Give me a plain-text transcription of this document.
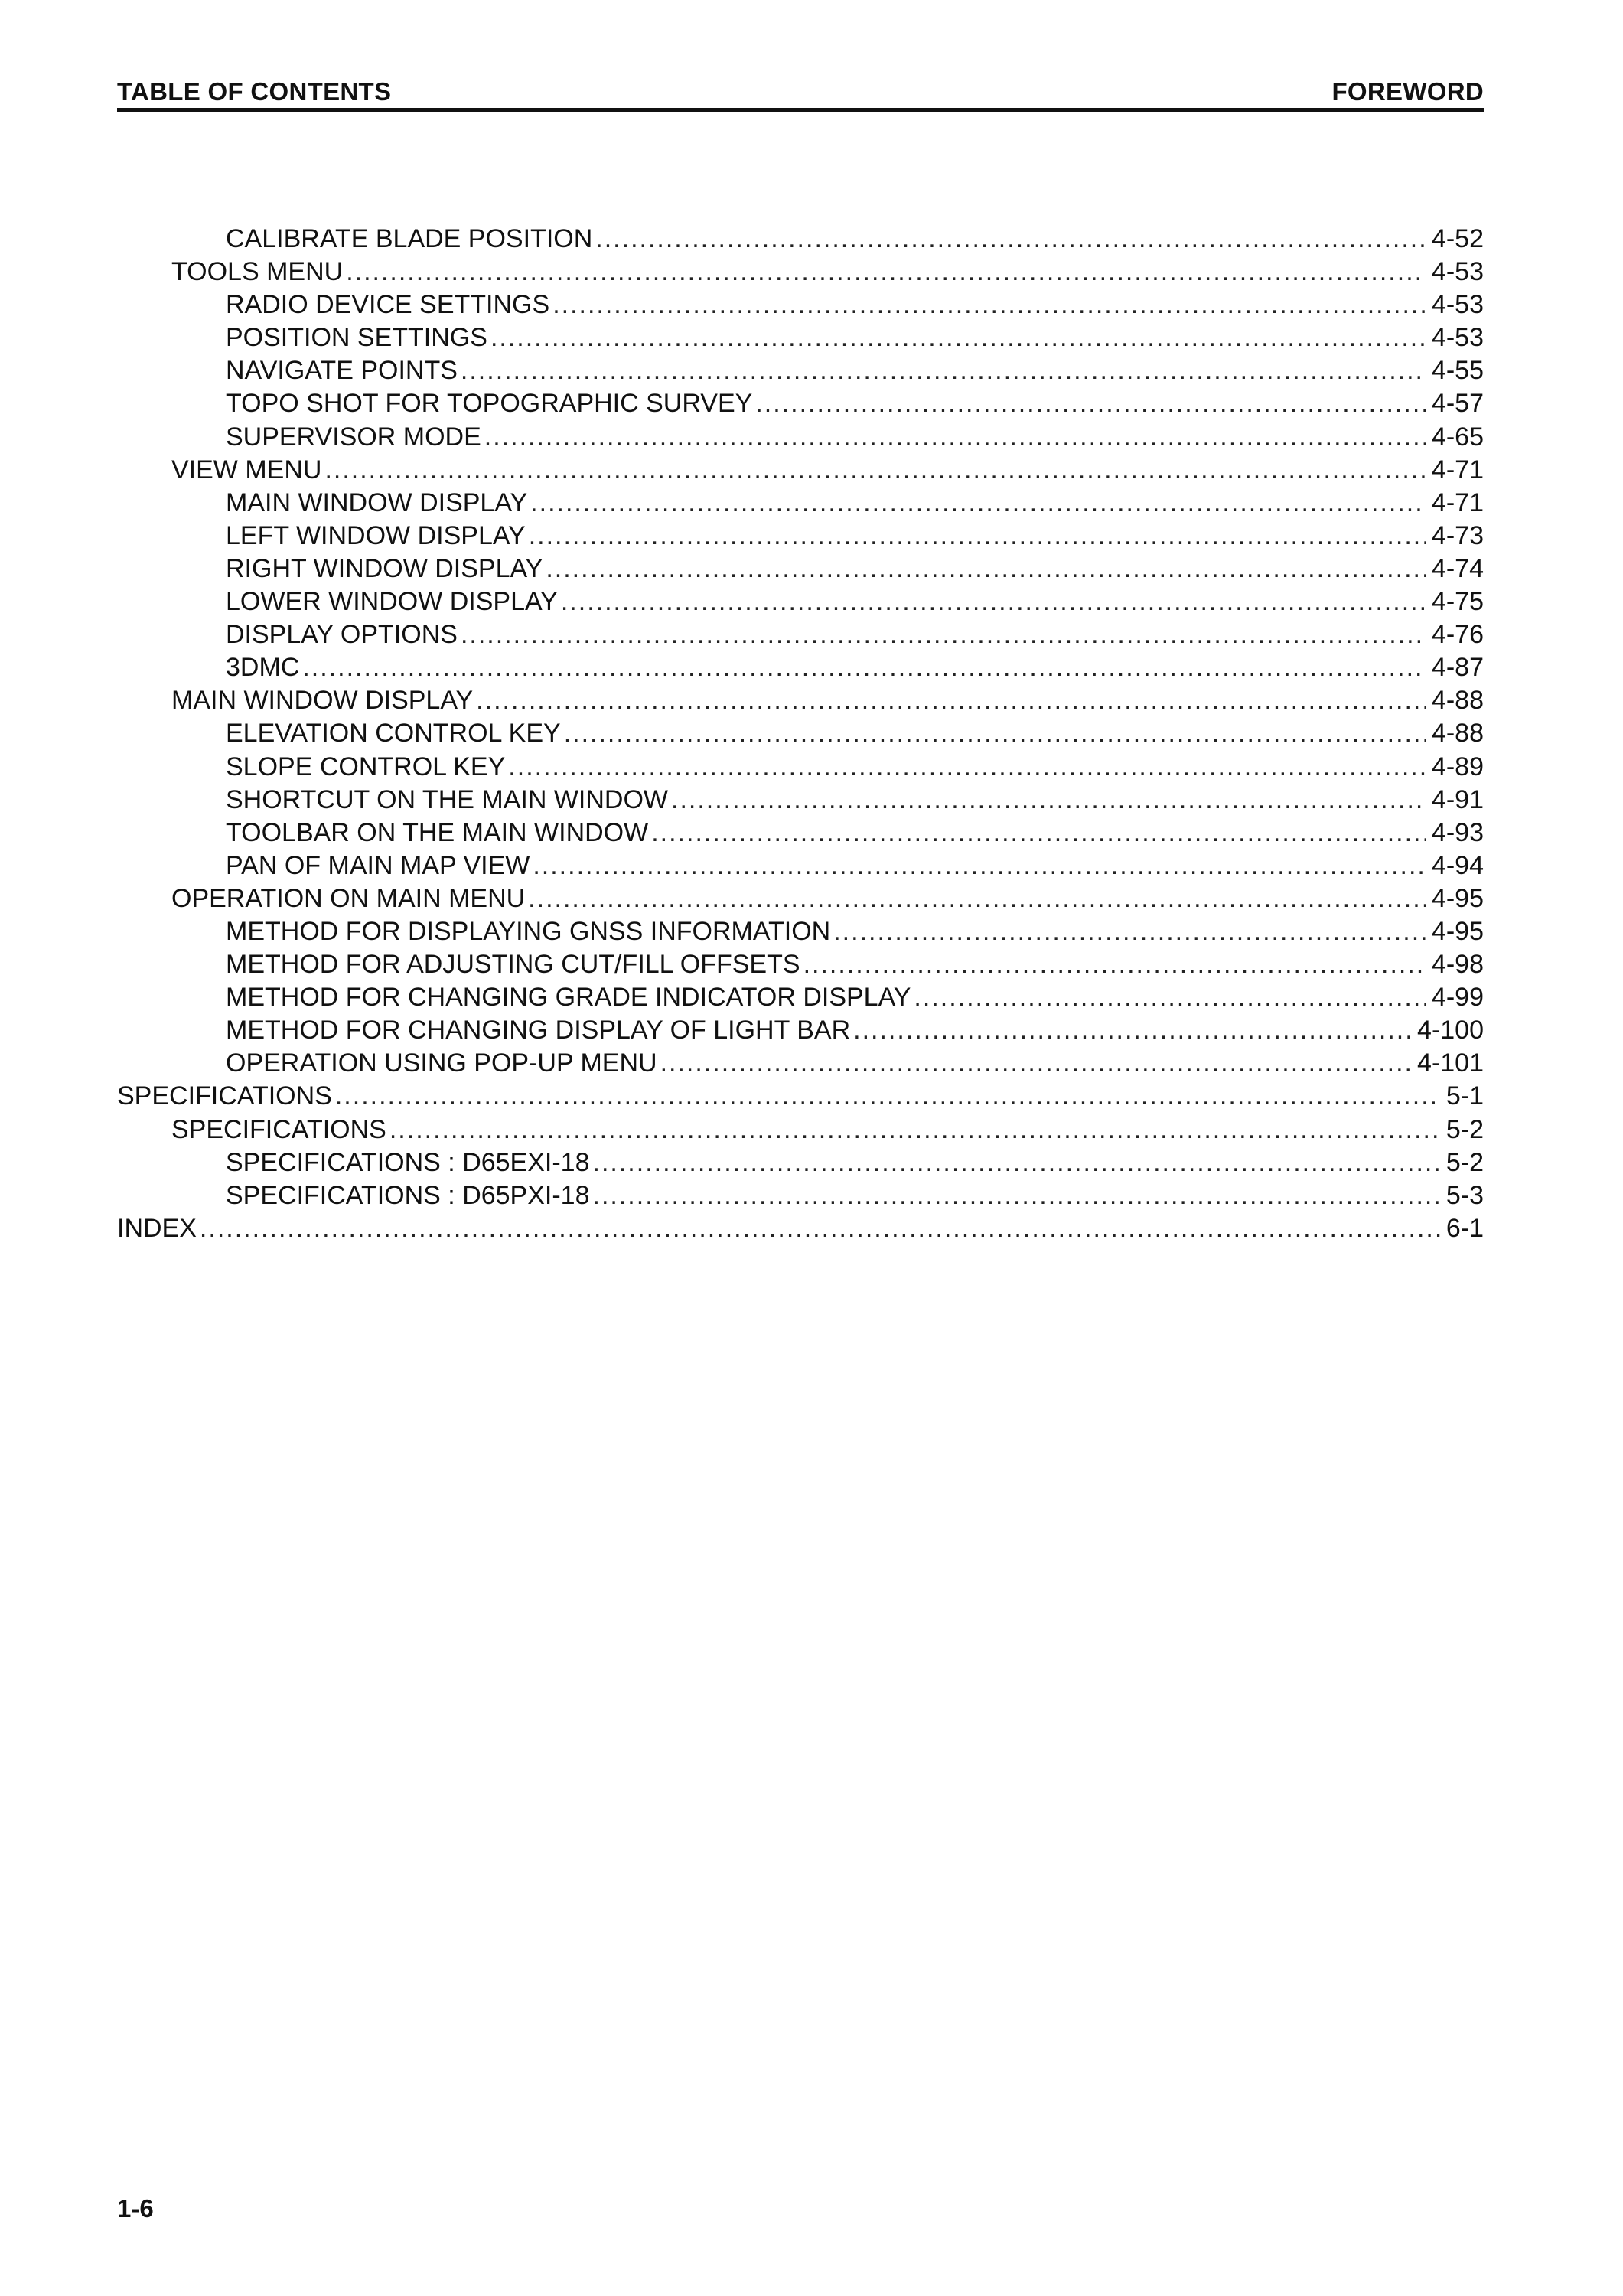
TABLE OF CONTENTS	FOREWORD
CALIBRATE BLADE POSITION .....	4-52
TOOLS MENU .....	4-53
RADIO DEVICE SETTINGS .....	4-53
POSITION SETTINGS .....	4-53
NAVIGATE POINTS .....	4-55
TOPO SHOT FOR TOPOGRAPHIC SURVEY .....	4-57
SUPERVISOR MODE .....	4-65
VIEW MENU .....	4-71
MAIN WINDOW DISPLAY .....	4-71
LEFT WINDOW DISPLAY .....	4-73
RIGHT WINDOW DISPLAY .....	4-74
LOWER WINDOW DISPLAY .....	4-75
DISPLAY OPTIONS .....	4-76
3DMC .....	4-87
MAIN WINDOW DISPLAY .....	4-88
ELEVATION CONTROL KEY .....	4-88
SLOPE CONTROL KEY .....	4-89
SHORTCUT ON THE MAIN WINDOW .....	4-91
TOOLBAR ON THE MAIN WINDOW .....	4-93
PAN OF MAIN MAP VIEW .....	4-94
OPERATION ON MAIN MENU .....	4-95
METHOD FOR DISPLAYING GNSS INFORMATION .....	4-95
METHOD FOR ADJUSTING CUT/FILL OFFSETS .....	4-98
METHOD FOR CHANGING GRADE INDICATOR DISPLAY .....	4-99
METHOD FOR CHANGING DISPLAY OF LIGHT BAR .....	4-100
OPERATION USING POP-UP MENU .....	4-101
SPECIFICATIONS .....	5-1
SPECIFICATIONS .....	5-2
SPECIFICATIONS : D65EXI-18 .....	5-2
SPECIFICATIONS : D65PXI-18 .....	5-3
INDEX .....	6-1
1-6
